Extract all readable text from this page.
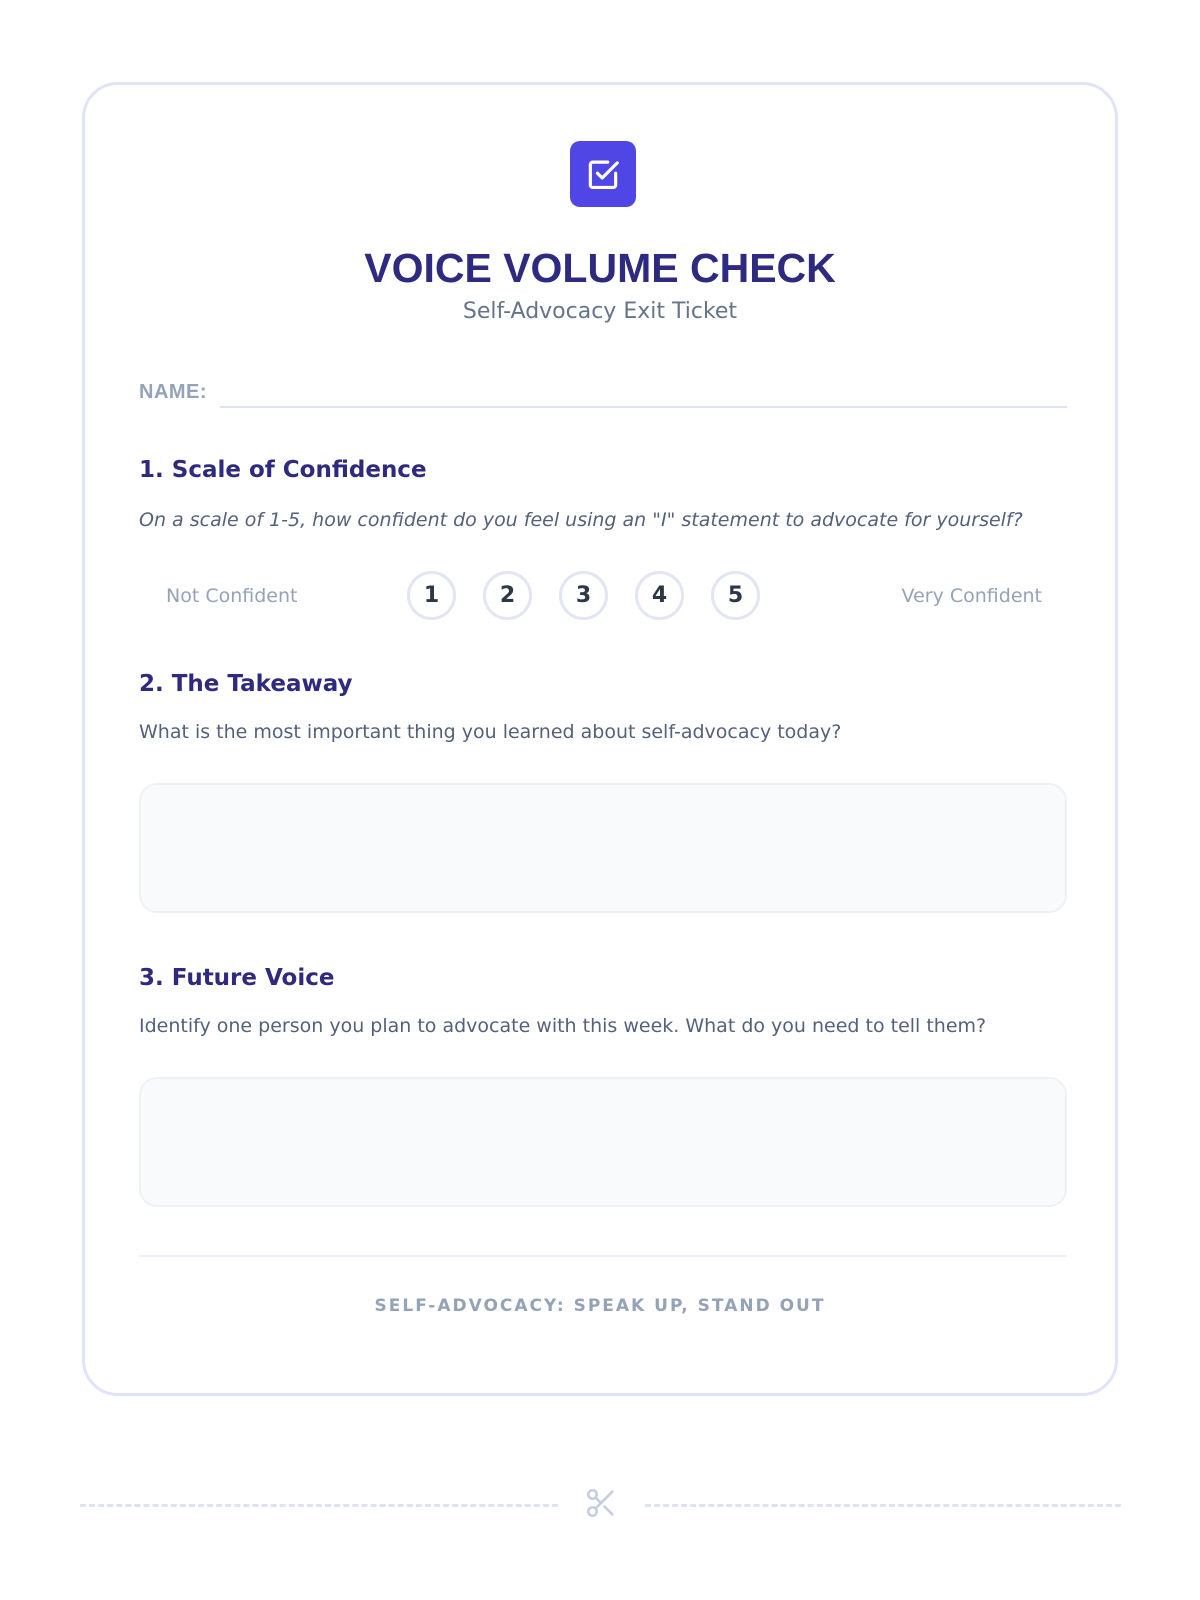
VOICE VOLUME CHECK

Self-Advocacy Exit Ticket

NAME:
1. Scale of Confidence

On a scale of 1-5, how confident do you feel using an "I" statement to advocate for yourself?

Not Confident	1	2	3	4	5	Very Confident
2. The Takeaway

What is the most important thing you learned about self-advocacy today?

3. Future Voice

Identify one person you plan to advocate with this week. What do you need to tell them?

SELF-ADVOCACY: SPEAK UP, STAND OUT
